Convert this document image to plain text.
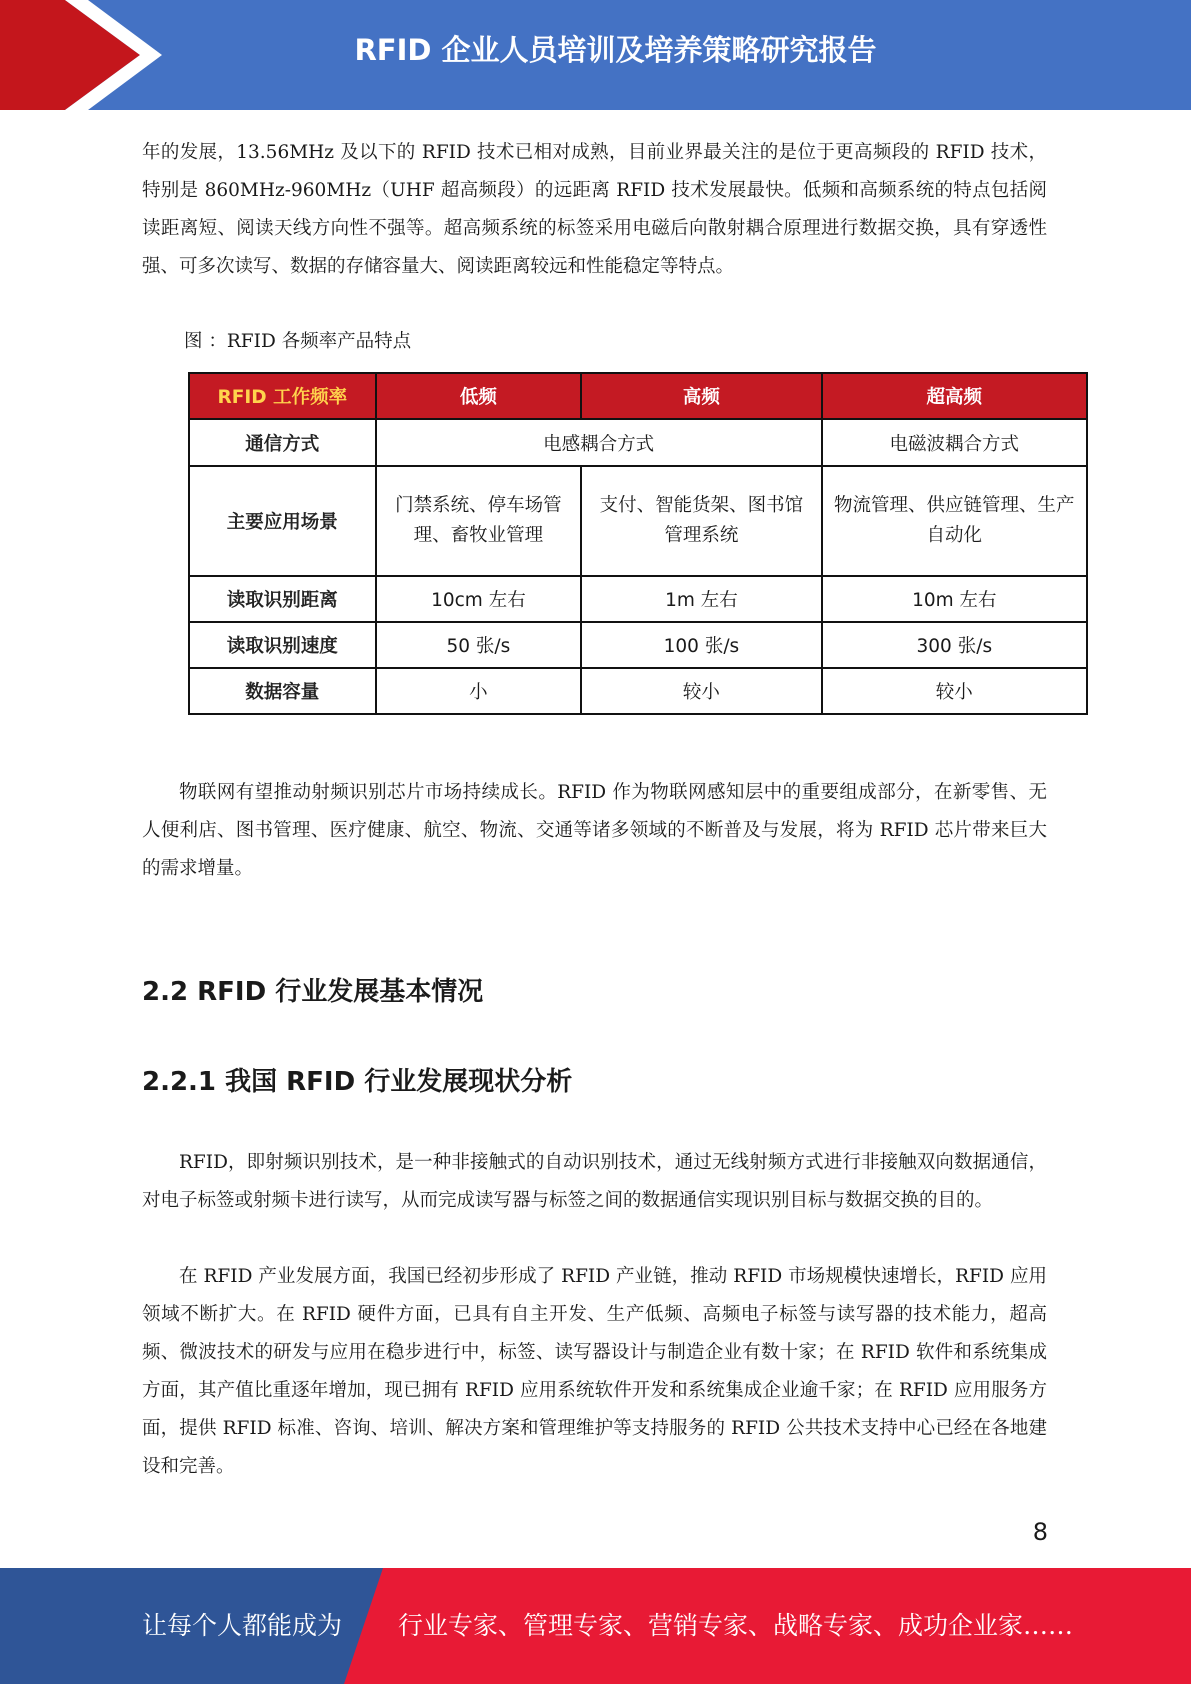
RFID 企业人员培训及培养策略研究报告

年的发展，13.56MHz 及以下的 RFID 技术已相对成熟，目前业界最关注的是位于更高频段的 RFID 技术，特别是 860MHz-960MHz（UHF 超高频段）的远距离 RFID 技术发展最快。低频和高频系统的特点包括阅读距离短、阅读天线方向性不强等。超高频系统的标签采用电磁后向散射耦合原理进行数据交换，具有穿透性强、可多次读写、数据的存储容量大、阅读距离较远和性能稳定等特点。

图 ：RFID 各频率产品特点
RFID 工作频率	低频	高频	超高频
通信方式	电感耦合方式		电磁波耦合方式
主要应用场景	门禁系统、停车场管理、畜牧业管理	支付、智能货架、图书馆管理系统	物流管理、供应链管理、生产自动化
读取识别距离	10cm 左右	1m 左右	10m 左右
读取识别速度	50 张/s	100 张/s	300 张/s
数据容量	小	较小	较小

物联网有望推动射频识别芯片市场持续成长。RFID 作为物联网感知层中的重要组成部分，在新零售、无人便利店、图书管理、医疗健康、航空、物流、交通等诸多领域的不断普及与发展，将为 RFID 芯片带来巨大的需求增量。

2.2 RFID 行业发展基本情况
2.2.1 我国 RFID 行业发展现状分析

RFID，即射频识别技术，是一种非接触式的自动识别技术，通过无线射频方式进行非接触双向数据通信，对电子标签或射频卡进行读写，从而完成读写器与标签之间的数据通信实现识别目标与数据交换的目的。

在 RFID 产业发展方面，我国已经初步形成了 RFID 产业链，推动 RFID 市场规模快速增长，RFID 应用领域不断扩大。在 RFID 硬件方面，已具有自主开发、生产低频、高频电子标签与读写器的技术能力，超高频、微波技术的研发与应用在稳步进行中，标签、读写器设计与制造企业有数十家；在 RFID 软件和系统集成方面，其产值比重逐年增加，现已拥有 RFID 应用系统软件开发和系统集成企业逾千家；在 RFID 应用服务方面，提供 RFID 标准、咨询、培训、解决方案和管理维护等支持服务的 RFID 公共技术支持中心已经在各地建设和完善。

8
让每个人都能成为 行业专家、管理专家、营销专家、战略专家、成功企业家……
